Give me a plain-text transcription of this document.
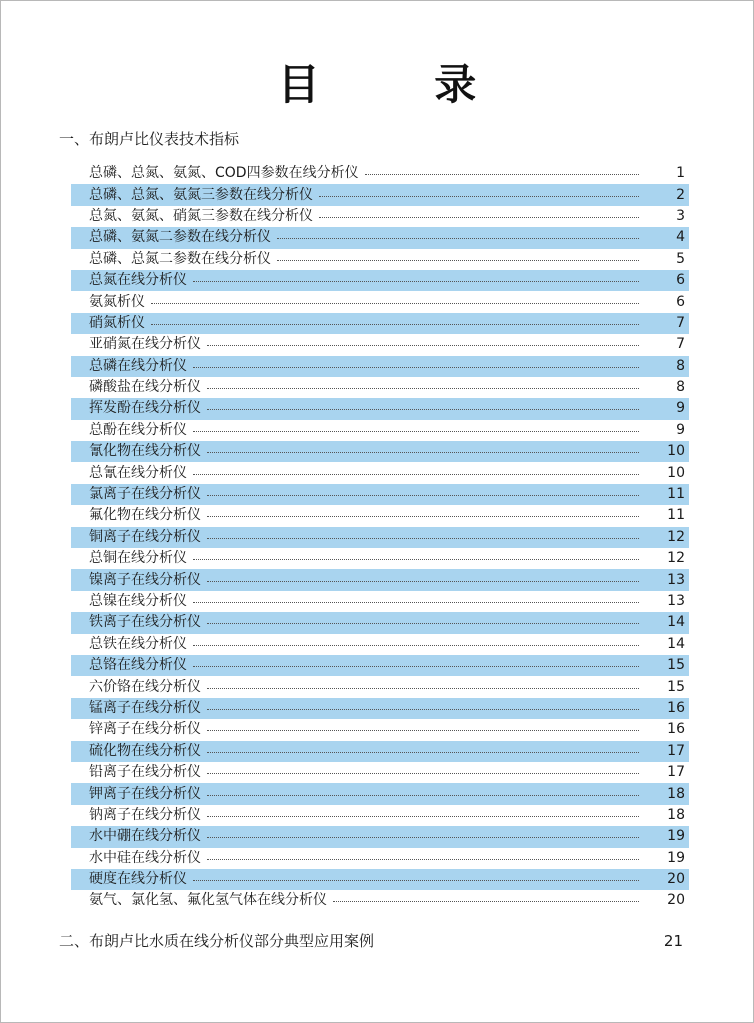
目 录
一、布朗卢比仪表技术指标
总磷、总氮、氨氮、COD四参数在线分析仪	1
总磷、总氮、氨氮三参数在线分析仪	2
总氮、氨氮、硝氮三参数在线分析仪	3
总磷、氨氮二参数在线分析仪	4
总磷、总氮二参数在线分析仪	5
总氮在线分析仪	6
氨氮析仪	6
硝氮析仪	7
亚硝氮在线分析仪	7
总磷在线分析仪	8
磷酸盐在线分析仪	8
挥发酚在线分析仪	9
总酚在线分析仪	9
氰化物在线分析仪	10
总氰在线分析仪	10
氯离子在线分析仪	11
氟化物在线分析仪	11
铜离子在线分析仪	12
总铜在线分析仪	12
镍离子在线分析仪	13
总镍在线分析仪	13
铁离子在线分析仪	14
总铁在线分析仪	14
总铬在线分析仪	15
六价铬在线分析仪	15
锰离子在线分析仪	16
锌离子在线分析仪	16
硫化物在线分析仪	17
铅离子在线分析仪	17
钾离子在线分析仪	18
钠离子在线分析仪	18
水中硼在线分析仪	19
水中硅在线分析仪	19
硬度在线分析仪	20
氨气、氯化氢、氟化氢气体在线分析仪	20
二、布朗卢比水质在线分析仪部分典型应用案例	21
